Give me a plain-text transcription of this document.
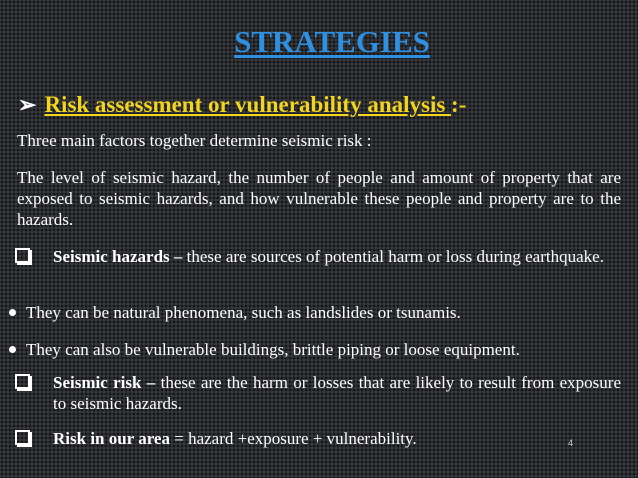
STRATEGIES
➢ Risk assessment or vulnerability analysis :-
Three main factors together determine seismic risk :
The level of seismic hazard, the number of people and amount of property that are exposed to seismic hazards, and how vulnerable these people and property are to the hazards.
Seismic hazards – these are sources of potential harm or loss during earthquake.
They can be natural phenomena, such as landslides or tsunamis.
They can also be vulnerable buildings, brittle piping or loose equipment.
Seismic risk – these are the harm or losses that are likely to result from exposure to seismic hazards.
Risk in our area = hazard +exposure + vulnerability.	4
